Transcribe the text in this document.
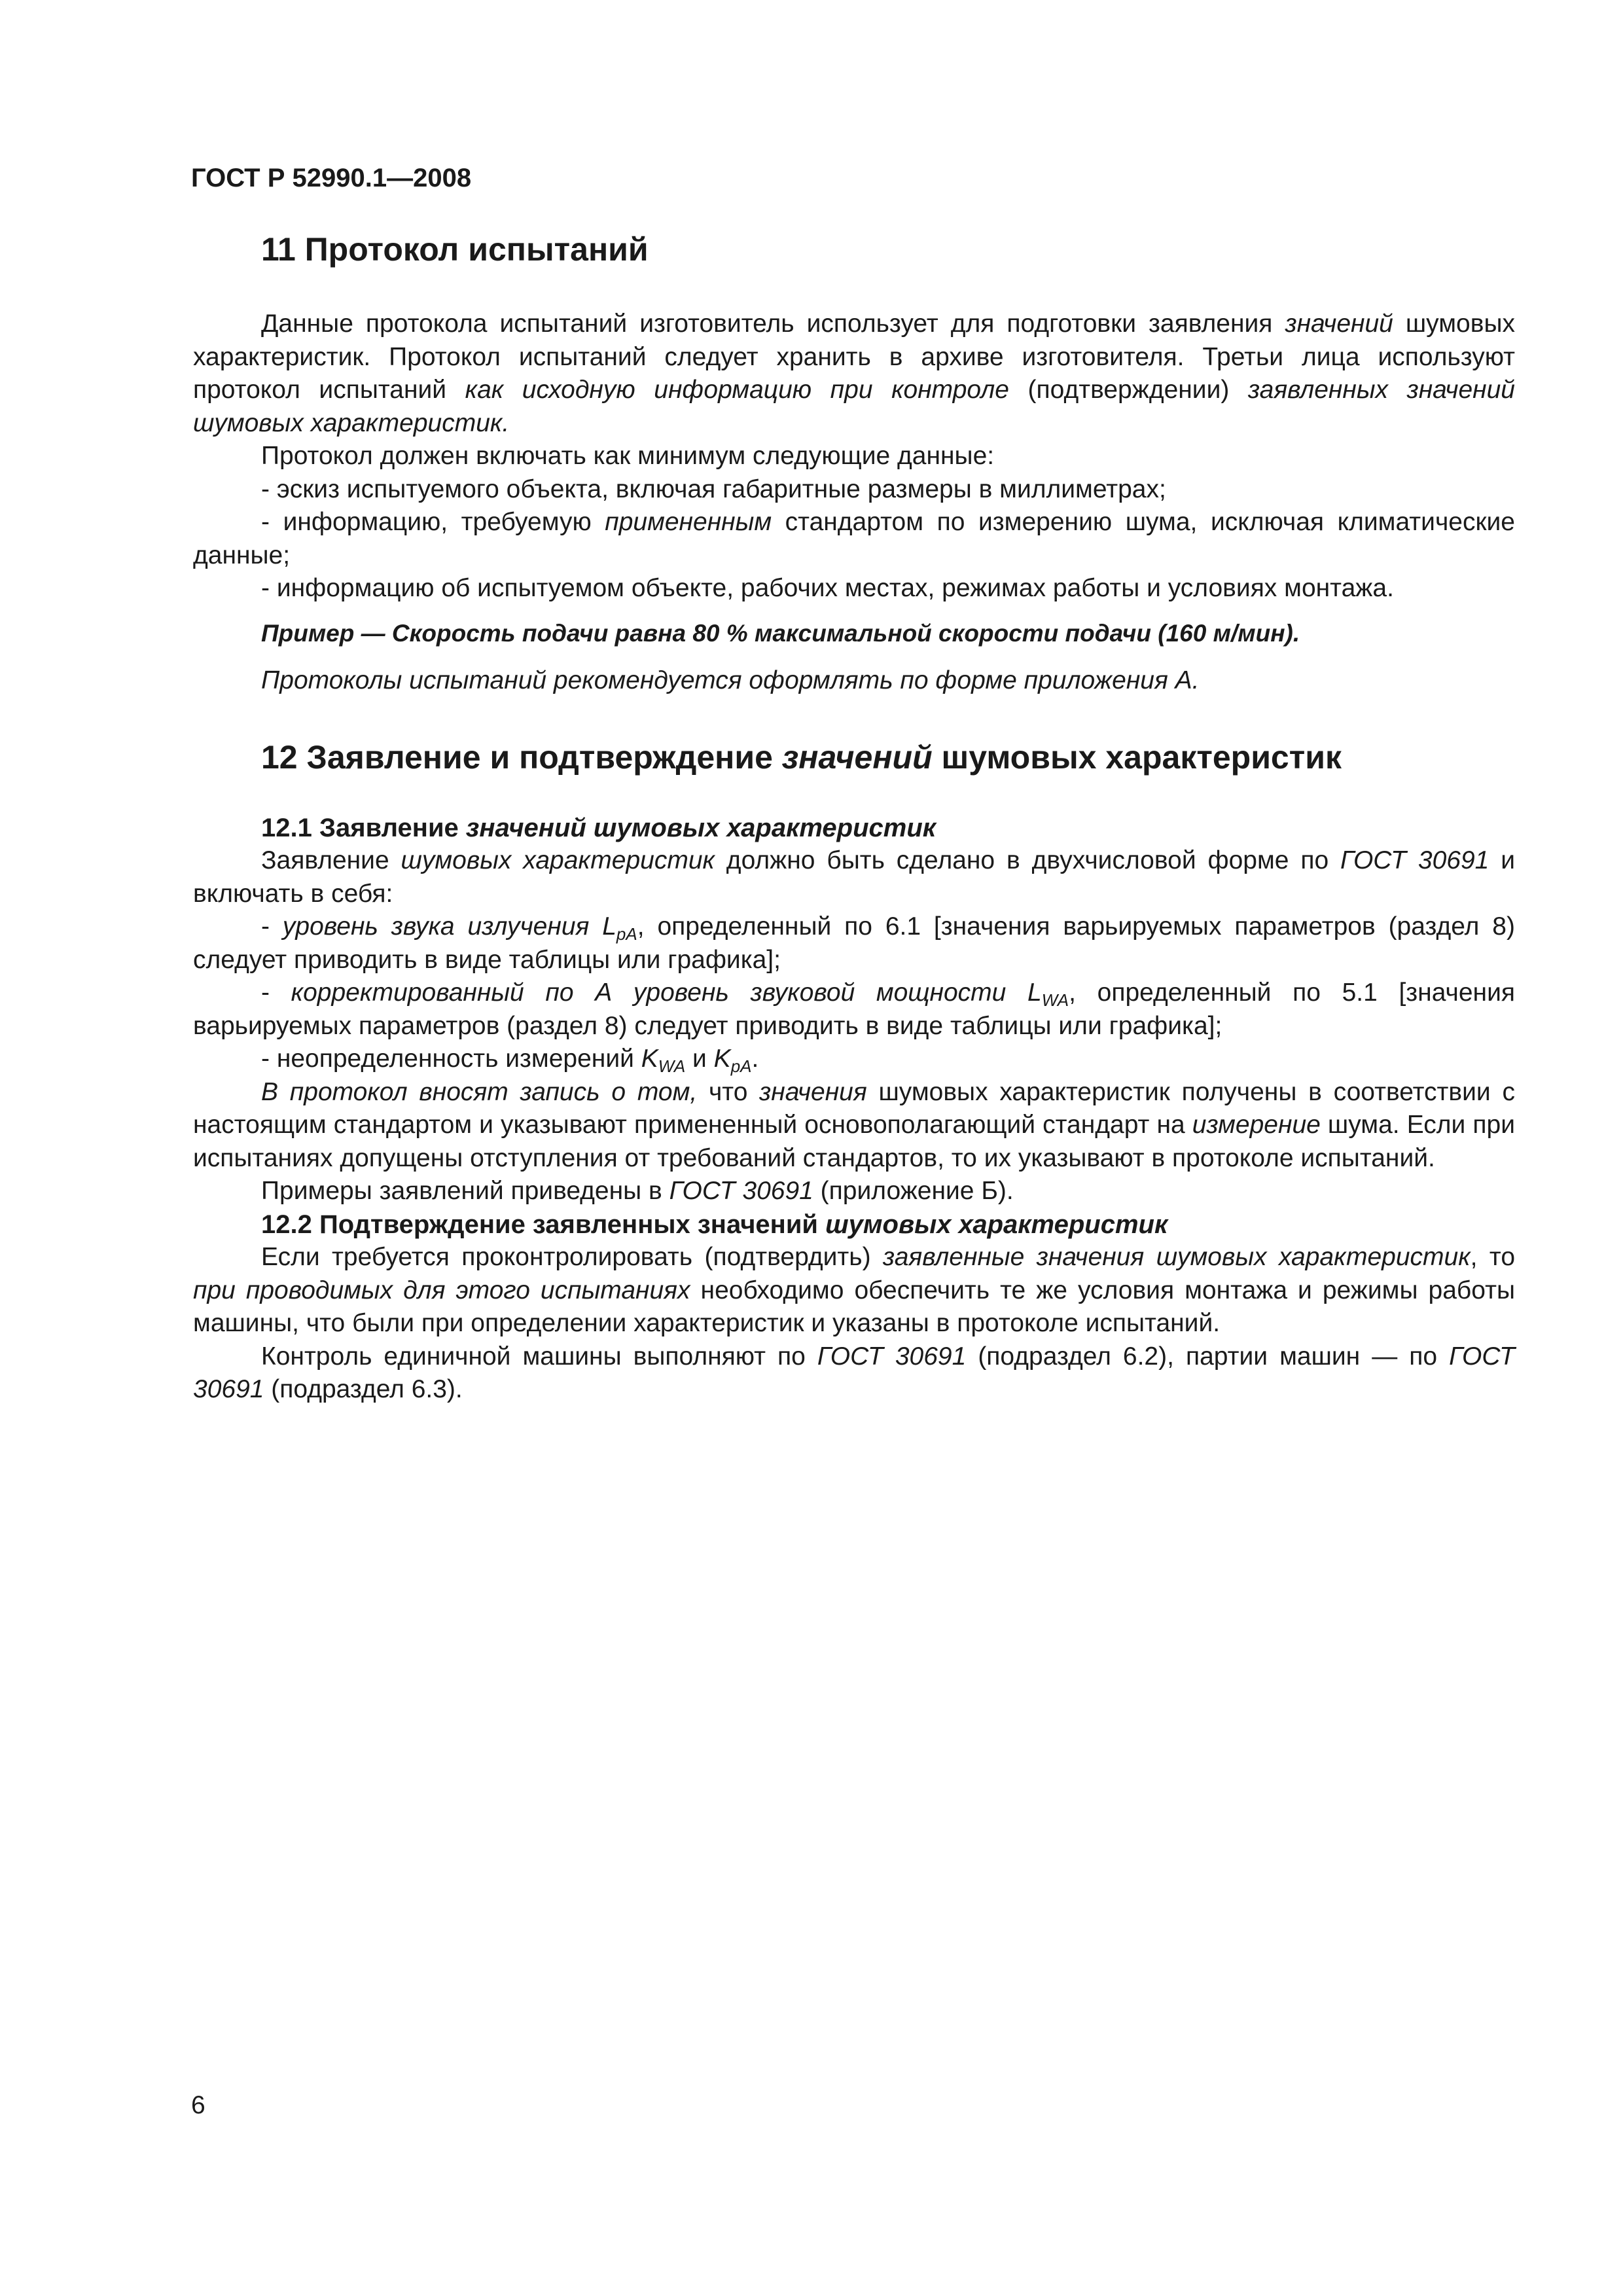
ГОСТ Р 52990.1—2008
11 Протокол испытаний

Данные протокола испытаний изготовитель использует для подготовки заявления значений шумовых характеристик. Протокол испытаний следует хранить в архиве изготовителя. Третьи лица используют протокол испытаний как исходную информацию при контроле (подтверждении) заявленных значений шумовых характеристик.

Протокол должен включать как минимум следующие данные:

- эскиз испытуемого объекта, включая габаритные размеры в миллиметрах;

- информацию, требуемую примененным стандартом по измерению шума, исключая климатические данные;

- информацию об испытуемом объекте, рабочих местах, режимах работы и условиях монтажа.

Пример — Скорость подачи равна 80 % максимальной скорости подачи (160 м/мин).

Протоколы испытаний рекомендуется оформлять по форме приложения А.

12 Заявление и подтверждение значений шумовых характеристик
12.1 Заявление значений шумовых характеристик

Заявление шумовых характеристик должно быть сделано в двухчисловой форме по ГОСТ 30691 и включать в себя:

- уровень звука излучения $L_{pA}$, определенный по 6.1 [значения варьируемых параметров (раздел 8) следует приводить в виде таблицы или графика];

- корректированный по А уровень звуковой мощности $L_{WA}$, определенный по 5.1 [значения варьируемых параметров (раздел 8) следует приводить в виде таблицы или графика];

- неопределенность измерений $K_{WA}$ и $K_{pA}$.

В протокол вносят запись о том, что значения шумовых характеристик получены в соответствии с настоящим стандартом и указывают примененный основополагающий стандарт на измерение шума. Если при испытаниях допущены отступления от требований стандартов, то их указывают в протоколе испытаний.

Примеры заявлений приведены в ГОСТ 30691 (приложение Б).

12.2 Подтверждение заявленных значений шумовых характеристик

Если требуется проконтролировать (подтвердить) заявленные значения шумовых характеристик, то при проводимых для этого испытаниях необходимо обеспечить те же условия монтажа и режимы работы машины, что были при определении характеристик и указаны в протоколе испытаний.

Контроль единичной машины выполняют по ГОСТ 30691 (подраздел 6.2), партии машин — по ГОСТ 30691 (подраздел 6.3).

6
